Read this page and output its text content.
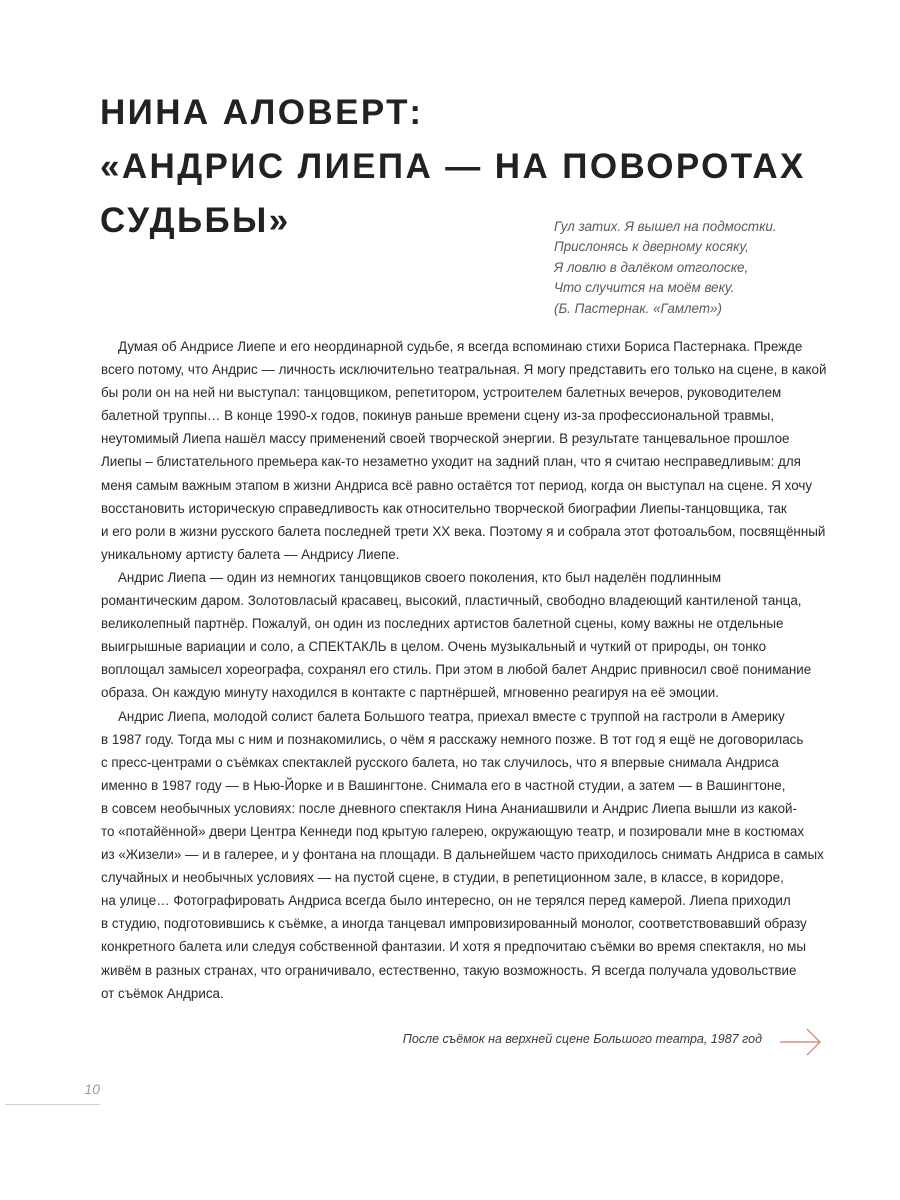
НИНА АЛОВЕРТ:
«АНДРИС ЛИЕПА — НА ПОВОРОТАХ
СУДЬБЫ»	Гул затих. Я вышел на подмостки.
Прислонясь к дверному косяку,
Я ловлю в далёком отголоске,
Что случится на моём веку.
(Б. Пастернак. «Гамлет»)
Думая об Андрисе Лиепе и его неординарной судьбе, я всегда вспоминаю стихи Бориса Пастернака. Прежде
всего потому, что Андрис — личность исключительно театральная. Я могу представить его только на сцене, в какой
бы роли он на ней ни выступал: танцовщиком, репетитором, устроителем балетных вечеров, руководителем
балетной труппы… В конце 1990-х годов, покинув раньше времени сцену из-за профессиональной травмы,
неутомимый Лиепа нашёл массу применений своей творческой энергии. В результате танцевальное прошлое
Лиепы – блистательного премьера как-то незаметно уходит на задний план, что я считаю несправедливым: для
меня самым важным этапом в жизни Андриса всё равно остаётся тот период, когда он выступал на сцене. Я хочу
восстановить историческую справедливость как относительно творческой биографии Лиепы-танцовщика, так
и его роли в жизни русского балета последней трети XX века. Поэтому я и собрала этот фотоальбом, посвящённый
уникальному артисту балета — Андрису Лиепе.
Андрис Лиепа — один из немногих танцовщиков своего поколения, кто был наделён подлинным
романтическим даром. Золотовласый красавец, высокий, пластичный, свободно владеющий кантиленой танца,
великолепный партнёр. Пожалуй, он один из последних артистов балетной сцены, кому важны не отдельные
выигрышные вариации и соло, а СПЕКТАКЛЬ в целом. Очень музыкальный и чуткий от природы, он тонко
воплощал замысел хореографа, сохранял его стиль. При этом в любой балет Андрис привносил своё понимание
образа. Он каждую минуту находился в контакте с партнёршей, мгновенно реагируя на её эмоции.
Андрис Лиепа, молодой солист балета Большого театра, приехал вместе с труппой на гастроли в Америку
в 1987 году. Тогда мы с ним и познакомились, о чём я расскажу немного позже. В тот год я ещё не договорилась
с пресс-центрами о съёмках спектаклей русского балета, но так случилось, что я впервые снимала Андриса
именно в 1987 году — в Нью-Йорке и в Вашингтоне. Снимала его в частной студии, а затем — в Вашингтоне,
в совсем необычных условиях: после дневного спектакля Нина Ананиашвили и Андрис Лиепа вышли из какой-
то «потайённой» двери Центра Кеннеди под крытую галерею, окружающую театр, и позировали мне в костюмах
из «Жизели» — и в галерее, и у фонтана на площади. В дальнейшем часто приходилось снимать Андриса в самых
случайных и необычных условиях — на пустой сцене, в студии, в репетиционном зале, в классе, в коридоре,
на улице… Фотографировать Андриса всегда было интересно, он не терялся перед камерой. Лиепа приходил
в студию, подготовившись к съёмке, а иногда танцевал импровизированный монолог, соответствовавший образу
конкретного балета или следуя собственной фантазии. И хотя я предпочитаю съёмки во время спектакля, но мы
живём в разных странах, что ограничивало, естественно, такую возможность. Я всегда получала удовольствие
от съёмок Андриса.
После съёмок на верхней сцене Большого театра, 1987 год
10
